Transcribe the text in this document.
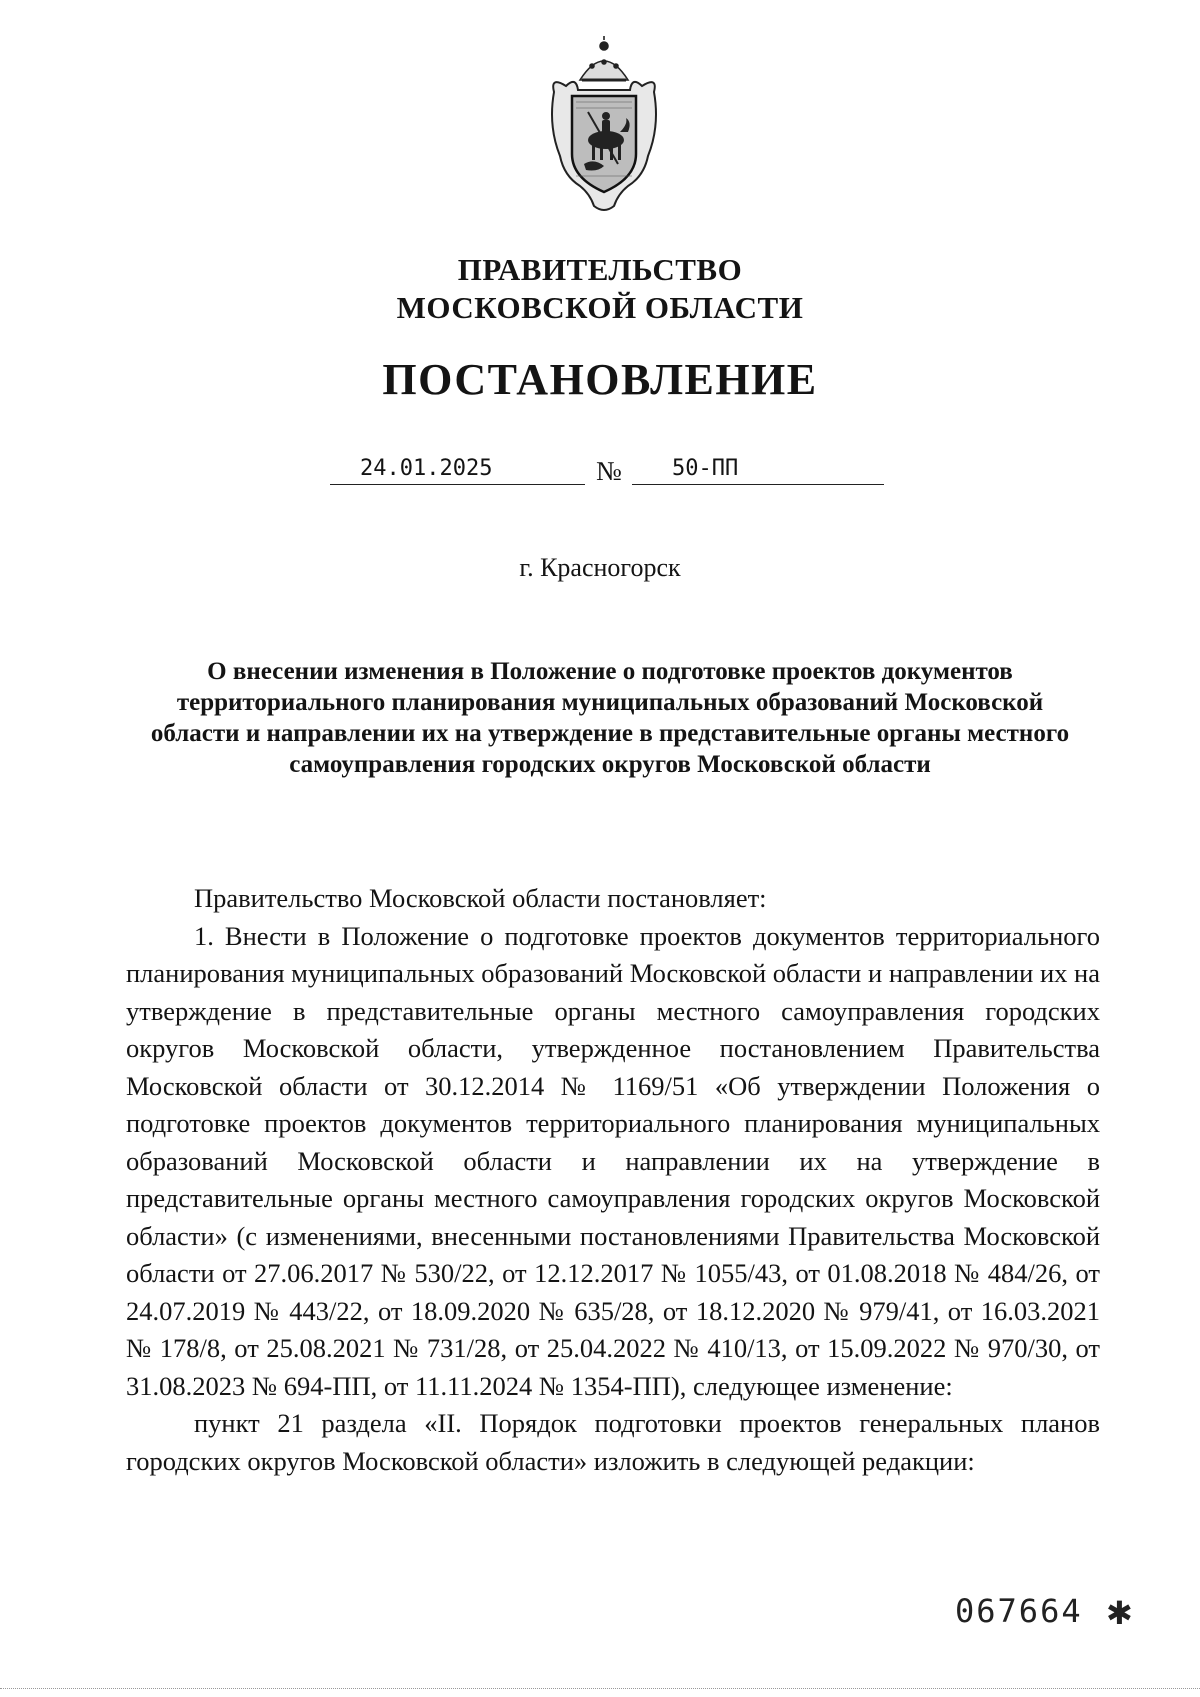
ПРАВИТЕЛЬСТВО
МОСКОВСКОЙ ОБЛАСТИ
ПОСТАНОВЛЕНИЕ
24.01.2025	№ 50-ПП
г. Красногорск
О внесении изменения в Положение о подготовке проектов документов территориального планирования муниципальных образований Московской области и направлении их на утверждение в представительные органы местного самоуправления городских округов Московской области

Правительство Московской области постановляет:

1. Внести в Положение о подготовке проектов документов территориального планирования муниципальных образований Московской области и направлении их на утверждение в представительные органы местного самоуправления городских округов Московской области, утвержденное постановлением Правительства Московской области от 30.12.2014 № 1169/51 «Об утверждении Положения о подготовке проектов документов территориального планирования муниципальных образований Московской области и направлении их на утверждение в представительные органы местного самоуправления городских округов Московской области» (с изменениями, внесенными постановлениями Правительства Московской области от 27.06.2017 № 530/22, от 12.12.2017 № 1055/43, от 01.08.2018 № 484/26, от 24.07.2019 № 443/22, от 18.09.2020 № 635/28, от 18.12.2020 № 979/41, от 16.03.2021 № 178/8, от 25.08.2021 № 731/28, от 25.04.2022 № 410/13, от 15.09.2022 № 970/30, от 31.08.2023 № 694-ПП, от 11.11.2024 № 1354-ПП), следующее изменение:

пункт 21 раздела «II. Порядок подготовки проектов генеральных планов городских округов Московской области» изложить в следующей редакции:

067664 ✱
